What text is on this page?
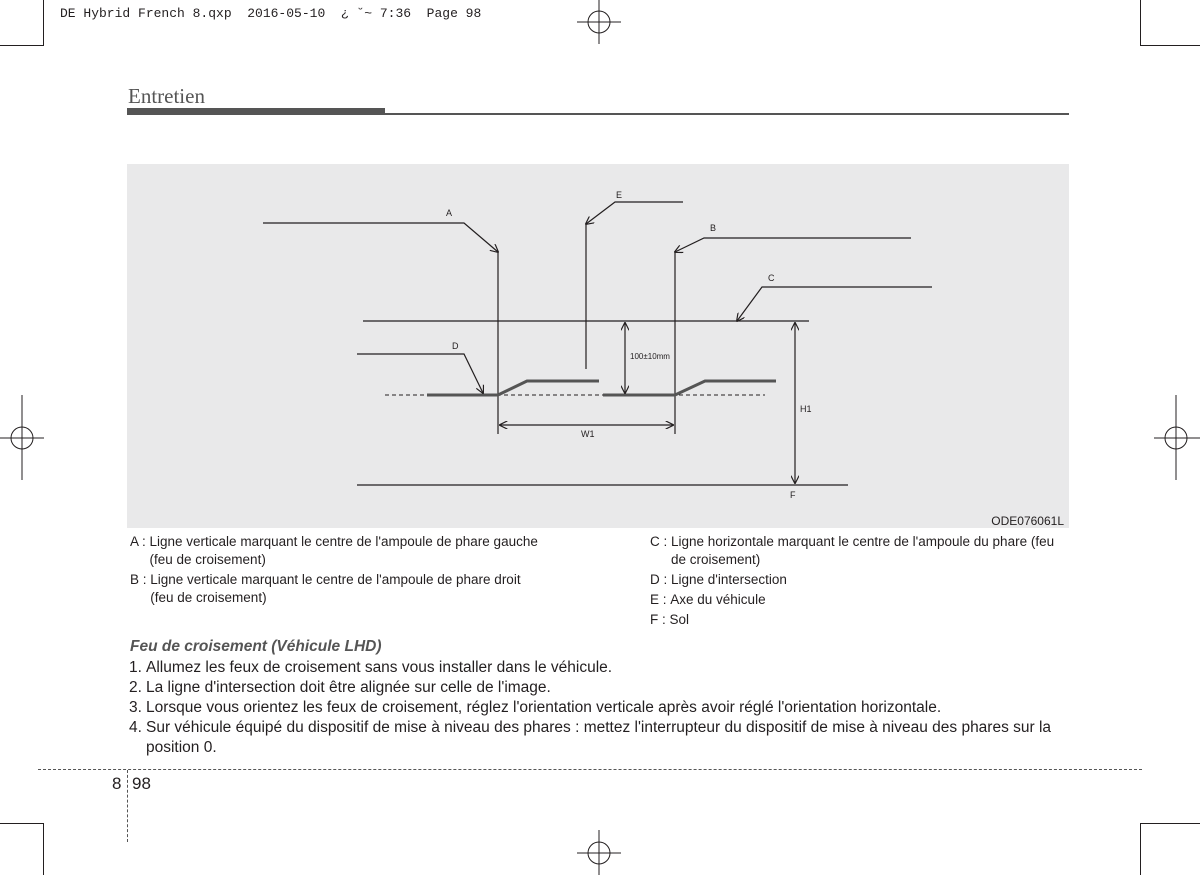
DE Hybrid French 8.qxp  2016-05-10  ¿ ˘~ 7:36  Page 98
Entretien
A
E
B
C
D
F
H1
W1
100±10mm
ODE076061L
A : Ligne verticale marquant le centre de l'ampoule de phare gauche (feu de croisement)
B : Ligne verticale marquant le centre de l'ampoule de phare droit (feu de croisement)
C : Ligne horizontale marquant le centre de l'ampoule du phare (feu de croisement)
D : Ligne d'intersection
E : Axe du véhicule
F : Sol
Feu de croisement (Véhicule LHD)
1. Allumez les feux de croisement sans vous installer dans le véhicule.
2. La ligne d'intersection doit être alignée sur celle de l'image.
3. Lorsque vous orientez les feux de croisement, réglez l'orientation verticale après avoir réglé l'orientation horizontale.
4. Sur véhicule équipé du dispositif de mise à niveau des phares : mettez l'interrupteur du dispositif de mise à niveau des phares sur la position 0.
8 98
